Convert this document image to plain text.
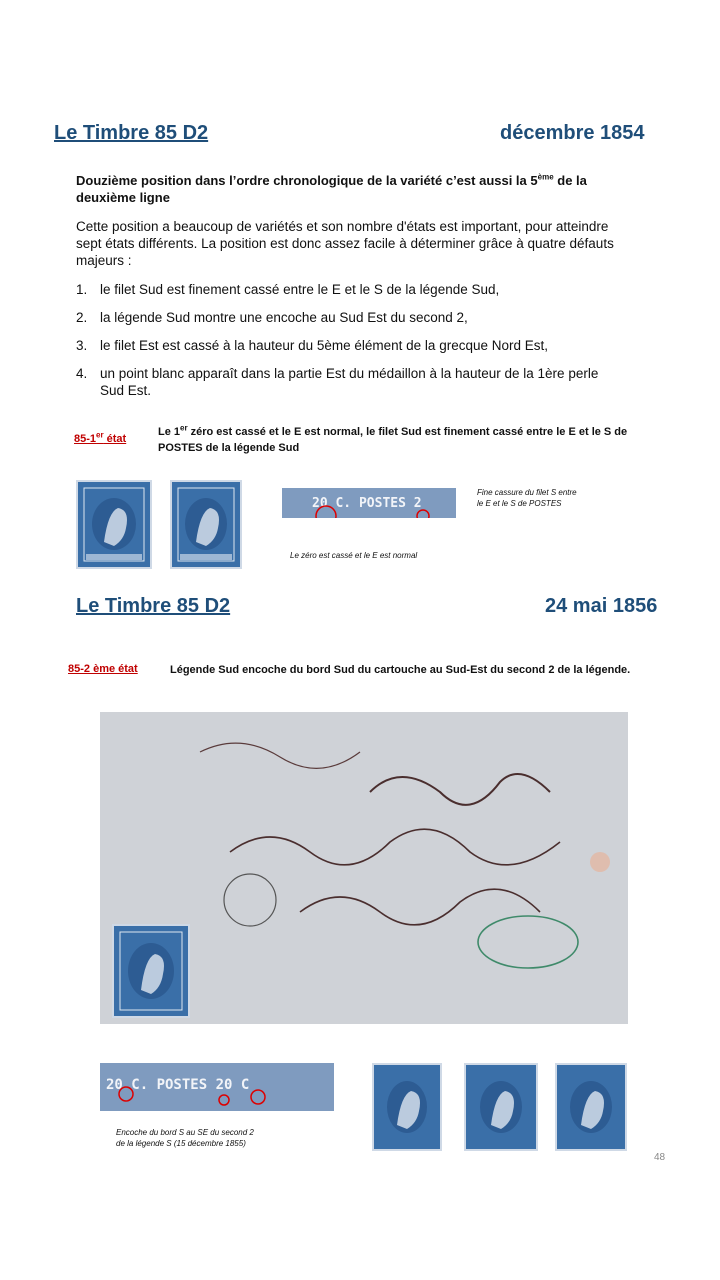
Le Timbre 85 D2	décembre 1854
Douzième position dans l’ordre chronologique de la variété c’est aussi la 5ème de la
deuxième ligne
Cette position a beaucoup de variétés et son nombre d'états est important, pour atteindre
sept états différents. La position est donc assez facile à déterminer grâce à quatre défauts
majeurs :
1. le filet Sud est finement cassé entre le E et le S de la légende Sud,
2. la légende Sud montre une encoche au Sud Est du second 2,
3. le filet Est est cassé à la hauteur du 5ème élément de la grecque Nord Est,
4. un point blanc apparaît dans la partie Est du médaillon à la hauteur de la 1ère perle
Sud Est.
85-1er état
Le 1er zéro est cassé et le E est normal, le filet Sud est finement cassé entre le E et le S de
POSTES de la légende Sud
20 C. POSTES 2
Fine cassure du filet S entre
le E et le S de POSTES
Le zéro est cassé et le E est normal
Le Timbre 85 D2	24 mai 1856
85-2 ème état	Légende Sud encoche du bord Sud du cartouche au Sud-Est du second 2 de la légende.
20 C. POSTES 20 C
Encoche du bord S au SE du second 2
de la légende S (15 décembre 1855)
48
